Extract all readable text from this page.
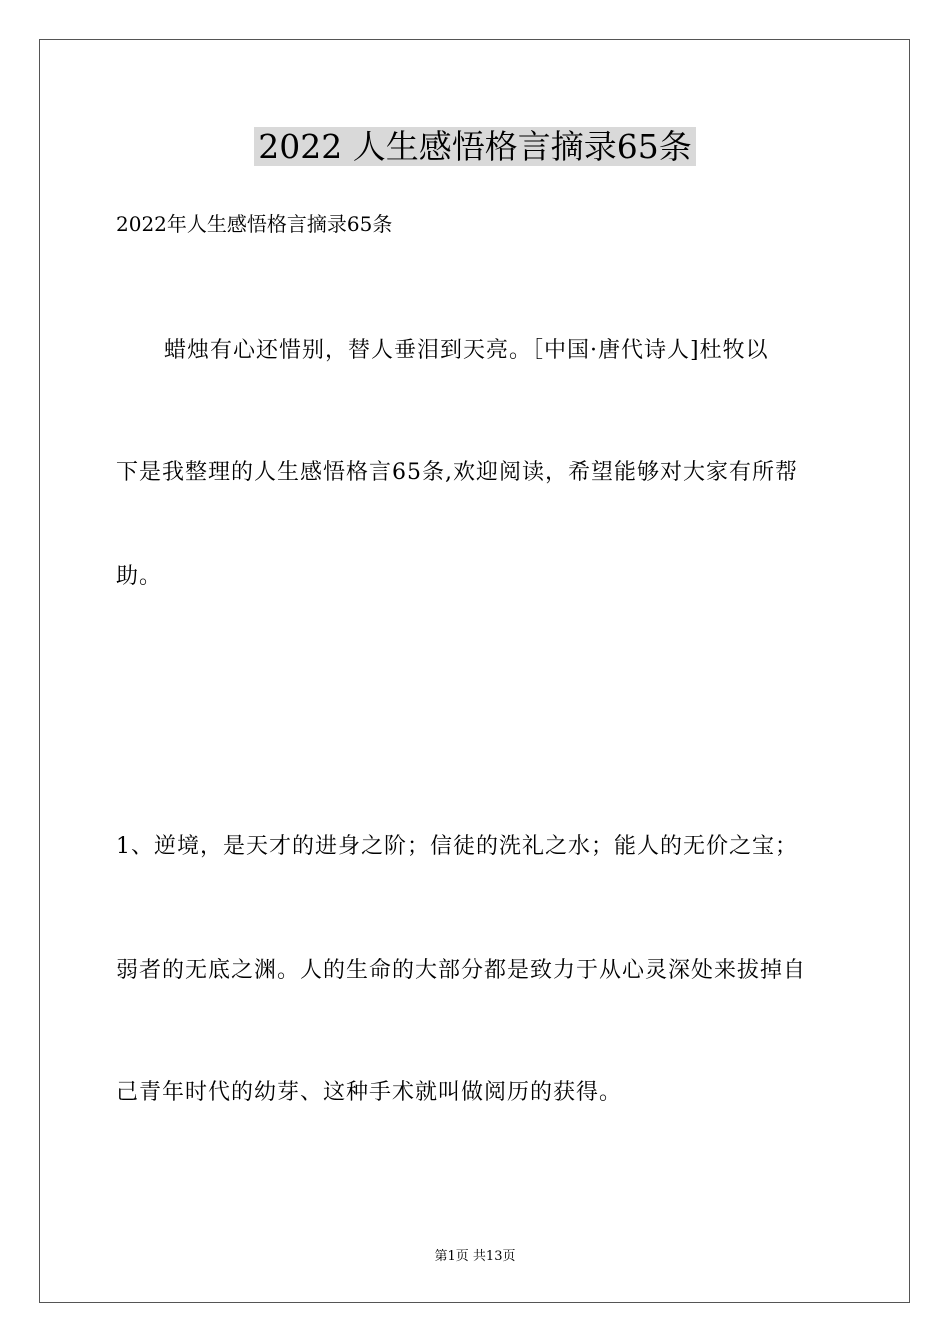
2022 人生感悟格言摘录65条
2022年人生感悟格言摘录65条
蜡烛有心还惜别，替人垂泪到天亮。［中国·唐代诗人]杜牧以
下是我整理的人生感悟格言65条,欢迎阅读，希望能够对大家有所帮
助。
1、逆境，是天才的进身之阶；信徒的洗礼之水；能人的无价之宝；
弱者的无底之渊。人的生命的大部分都是致力于从心灵深处来拔掉自
己青年时代的幼芽、这种手术就叫做阅历的获得。
第1页 共13页
